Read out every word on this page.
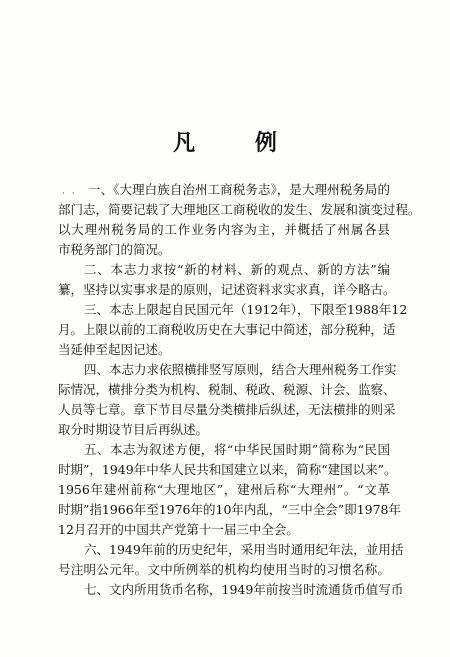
凡 例
· · 一、《大理白族自治州工商税务志》，是大理州税务局的
部门志，简要记载了大理地区工商税收的发生、发展和演变过程。
以大理州税务局的工作业务内容为主，并概括了州属各县
市税务部门的简况。
二、本志力求按“新的材料、新的观点、新的方法”编
纂，坚持以实事求是的原则，记述资料求实求真，详今略古。
三、本志上限起自民国元年（1912年），下限至1988年12
月。上限以前的工商税收历史在大事记中简述，部分税种，适
当延伸至起因记述。
四、本志力求依照横排竖写原则，结合大理州税务工作实
际情况，横排分类为机构、税制、税政、税源、计会、监察、
人员等七章。章下节目尽量分类横排后纵述，无法横排的则采
取分时期设节目后再纵述。
五、本志为叙述方便，将“中华民国时期”简称为“民国
时期”，1949年中华人民共和国建立以来，简称“建国以来”。
1956年建州前称“大理地区”，建州后称“大理州”。“文革
时期”指1966年至1976年的10年内乱，“三中全会”即1978年
12月召开的中国共产党第十一届三中全会。
六、1949年前的历史纪年，采用当时通用纪年法，並用括
号注明公元年。文中所例举的机构均使用当时的习惯名称。
七、文内所用货币名称，1949年前按当时流通货币值写币
